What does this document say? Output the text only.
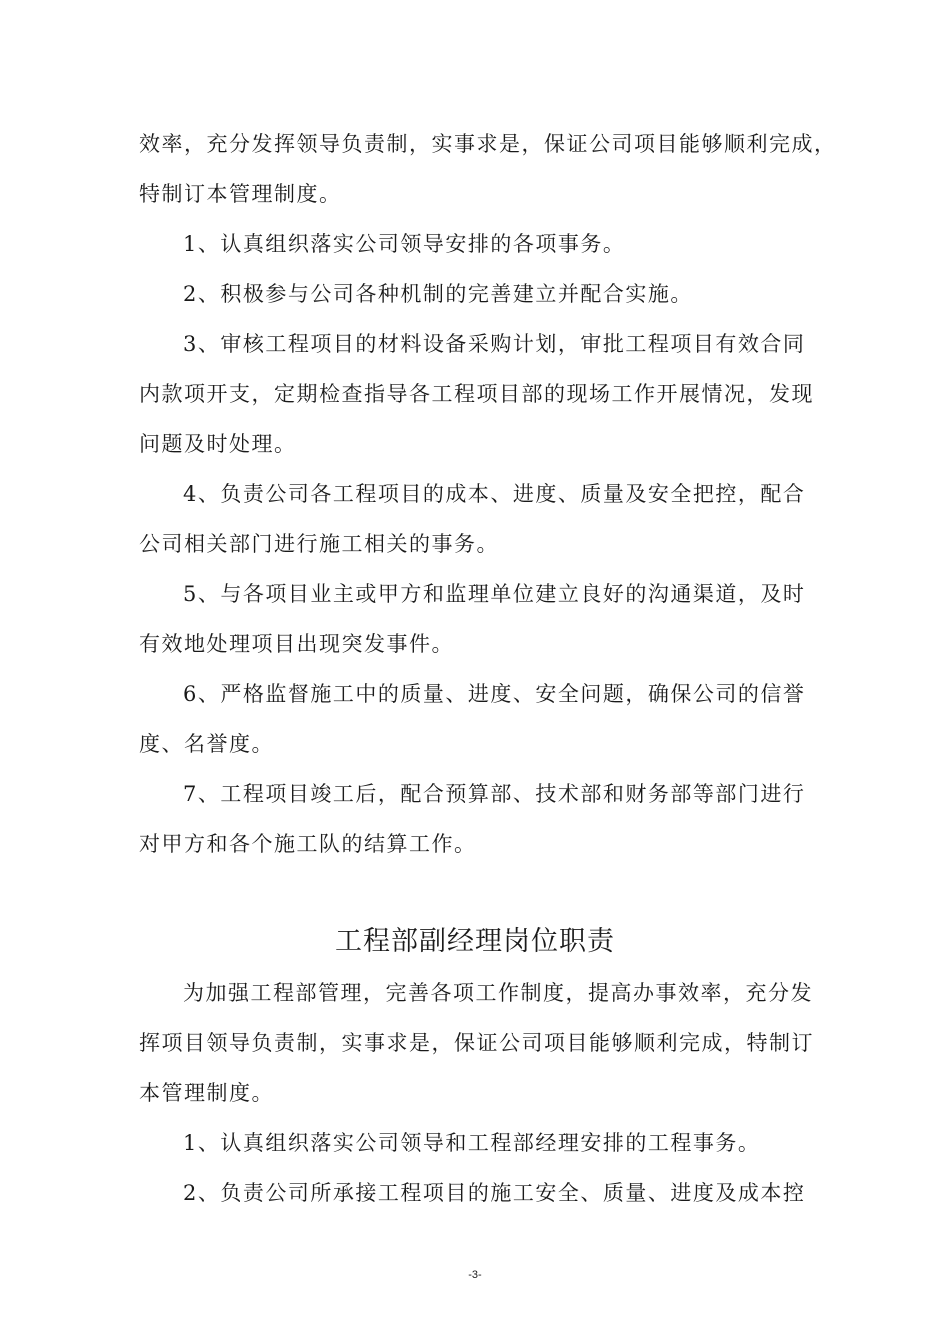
效率，充分发挥领导负责制，实事求是，保证公司项目能够顺利完成，
特制订本管理制度。
1、认真组织落实公司领导安排的各项事务。
2、积极参与公司各种机制的完善建立并配合实施。
3、审核工程项目的材料设备采购计划，审批工程项目有效合同
内款项开支，定期检查指导各工程项目部的现场工作开展情况，发现
问题及时处理。
4、负责公司各工程项目的成本、进度、质量及安全把控，配合
公司相关部门进行施工相关的事务。
5、与各项目业主或甲方和监理单位建立良好的沟通渠道，及时
有效地处理项目出现突发事件。
6、严格监督施工中的质量、进度、安全问题，确保公司的信誉
度、名誉度。
7、工程项目竣工后，配合预算部、技术部和财务部等部门进行
对甲方和各个施工队的结算工作。
工程部副经理岗位职责
为加强工程部管理，完善各项工作制度，提高办事效率，充分发
挥项目领导负责制，实事求是，保证公司项目能够顺利完成，特制订
本管理制度。
1、认真组织落实公司领导和工程部经理安排的工程事务。
2、负责公司所承接工程项目的施工安全、质量、进度及成本控
-3-
